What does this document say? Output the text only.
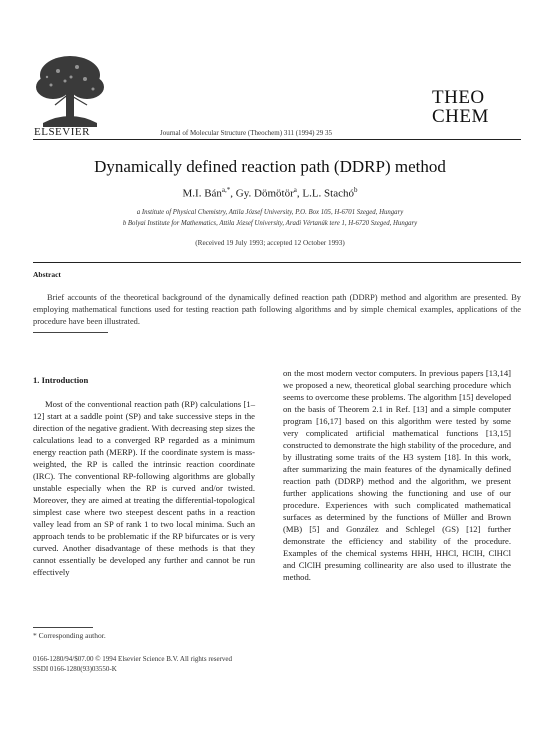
ELSEVIER	Journal of Molecular Structure (Theochem) 311 (1994) 29 35
THEO
CHEM
Dynamically defined reaction path (DDRP) method
M.I. Bán$^{a,*}$, Gy. Dömötör$^a$, L.L. Stachó$^b$
a Institute of Physical Chemistry, Attila József University, P.O. Box 105, H-6701 Szeged, Hungary
b Bolyai Institute for Mathematics, Attila József University, Aradi Vértanúk tere 1, H-6720 Szeged, Hungary
(Received 19 July 1993; accepted 12 October 1993)
Abstract
Brief accounts of the theoretical background of the dynamically defined reaction path (DDRP) method and algorithm are presented. By employing mathematical functions used for testing reaction path following algorithms and by simple chemical examples, applications of the procedure have been illustrated.
1. Introduction

Most of the conventional reaction path (RP) calculations [1–12] start at a saddle point (SP) and take successive steps in the direction of the negative gradient. With decreasing step sizes the calculations lead to a converged RP regarded as a minimum energy reaction path (MERP). If the coordinate system is mass-weighted, the RP is called the intrinsic reaction coordinate (IRC). The conventional RP-following algorithms are globally unstable especially when the RP is curved and/or twisted. Moreover, they are aimed at treating the differential-topological simplest case where two steepest descent paths in a reaction valley lead from an SP of rank 1 to two local minima. Such an approach tends to be problematic if the RP bifurcates or is very curved. Another disadvantage of these methods is that they cannot essentially be developed any further and cannot be run effectively

on the most modern vector computers. In previous papers [13,14] we proposed a new, theoretical global searching procedure which seems to overcome these problems. The algorithm [15] developed on the basis of Theorem 2.1 in Ref. [13] and a simple computer program [16,17] based on this algorithm were tested by some very complicated artificial mathematical functions [13,15] constructed to demonstrate the high stability of the procedure, and by illustrating some traits of the H3 system [18]. In this work, after summarizing the main features of the dynamically defined reaction path (DDRP) method and the algorithm, we present further applications showing the functioning and use of our procedure. Experiences with such complicated mathematical surfaces as determined by the functions of Müller and Brown (MB) [5] and González and Schlegel (GS) [12] further demonstrate the efficiency and stability of the procedure. Examples of the chemical systems HHH, HHCl, HClH, ClHCl and ClClH presuming collinearity are also used to illustrate the method.

* Corresponding author.
0166-1280/94/$07.00 © 1994 Elsevier Science B.V. All rights reserved
SSDI 0166-1280(93)03550-K
